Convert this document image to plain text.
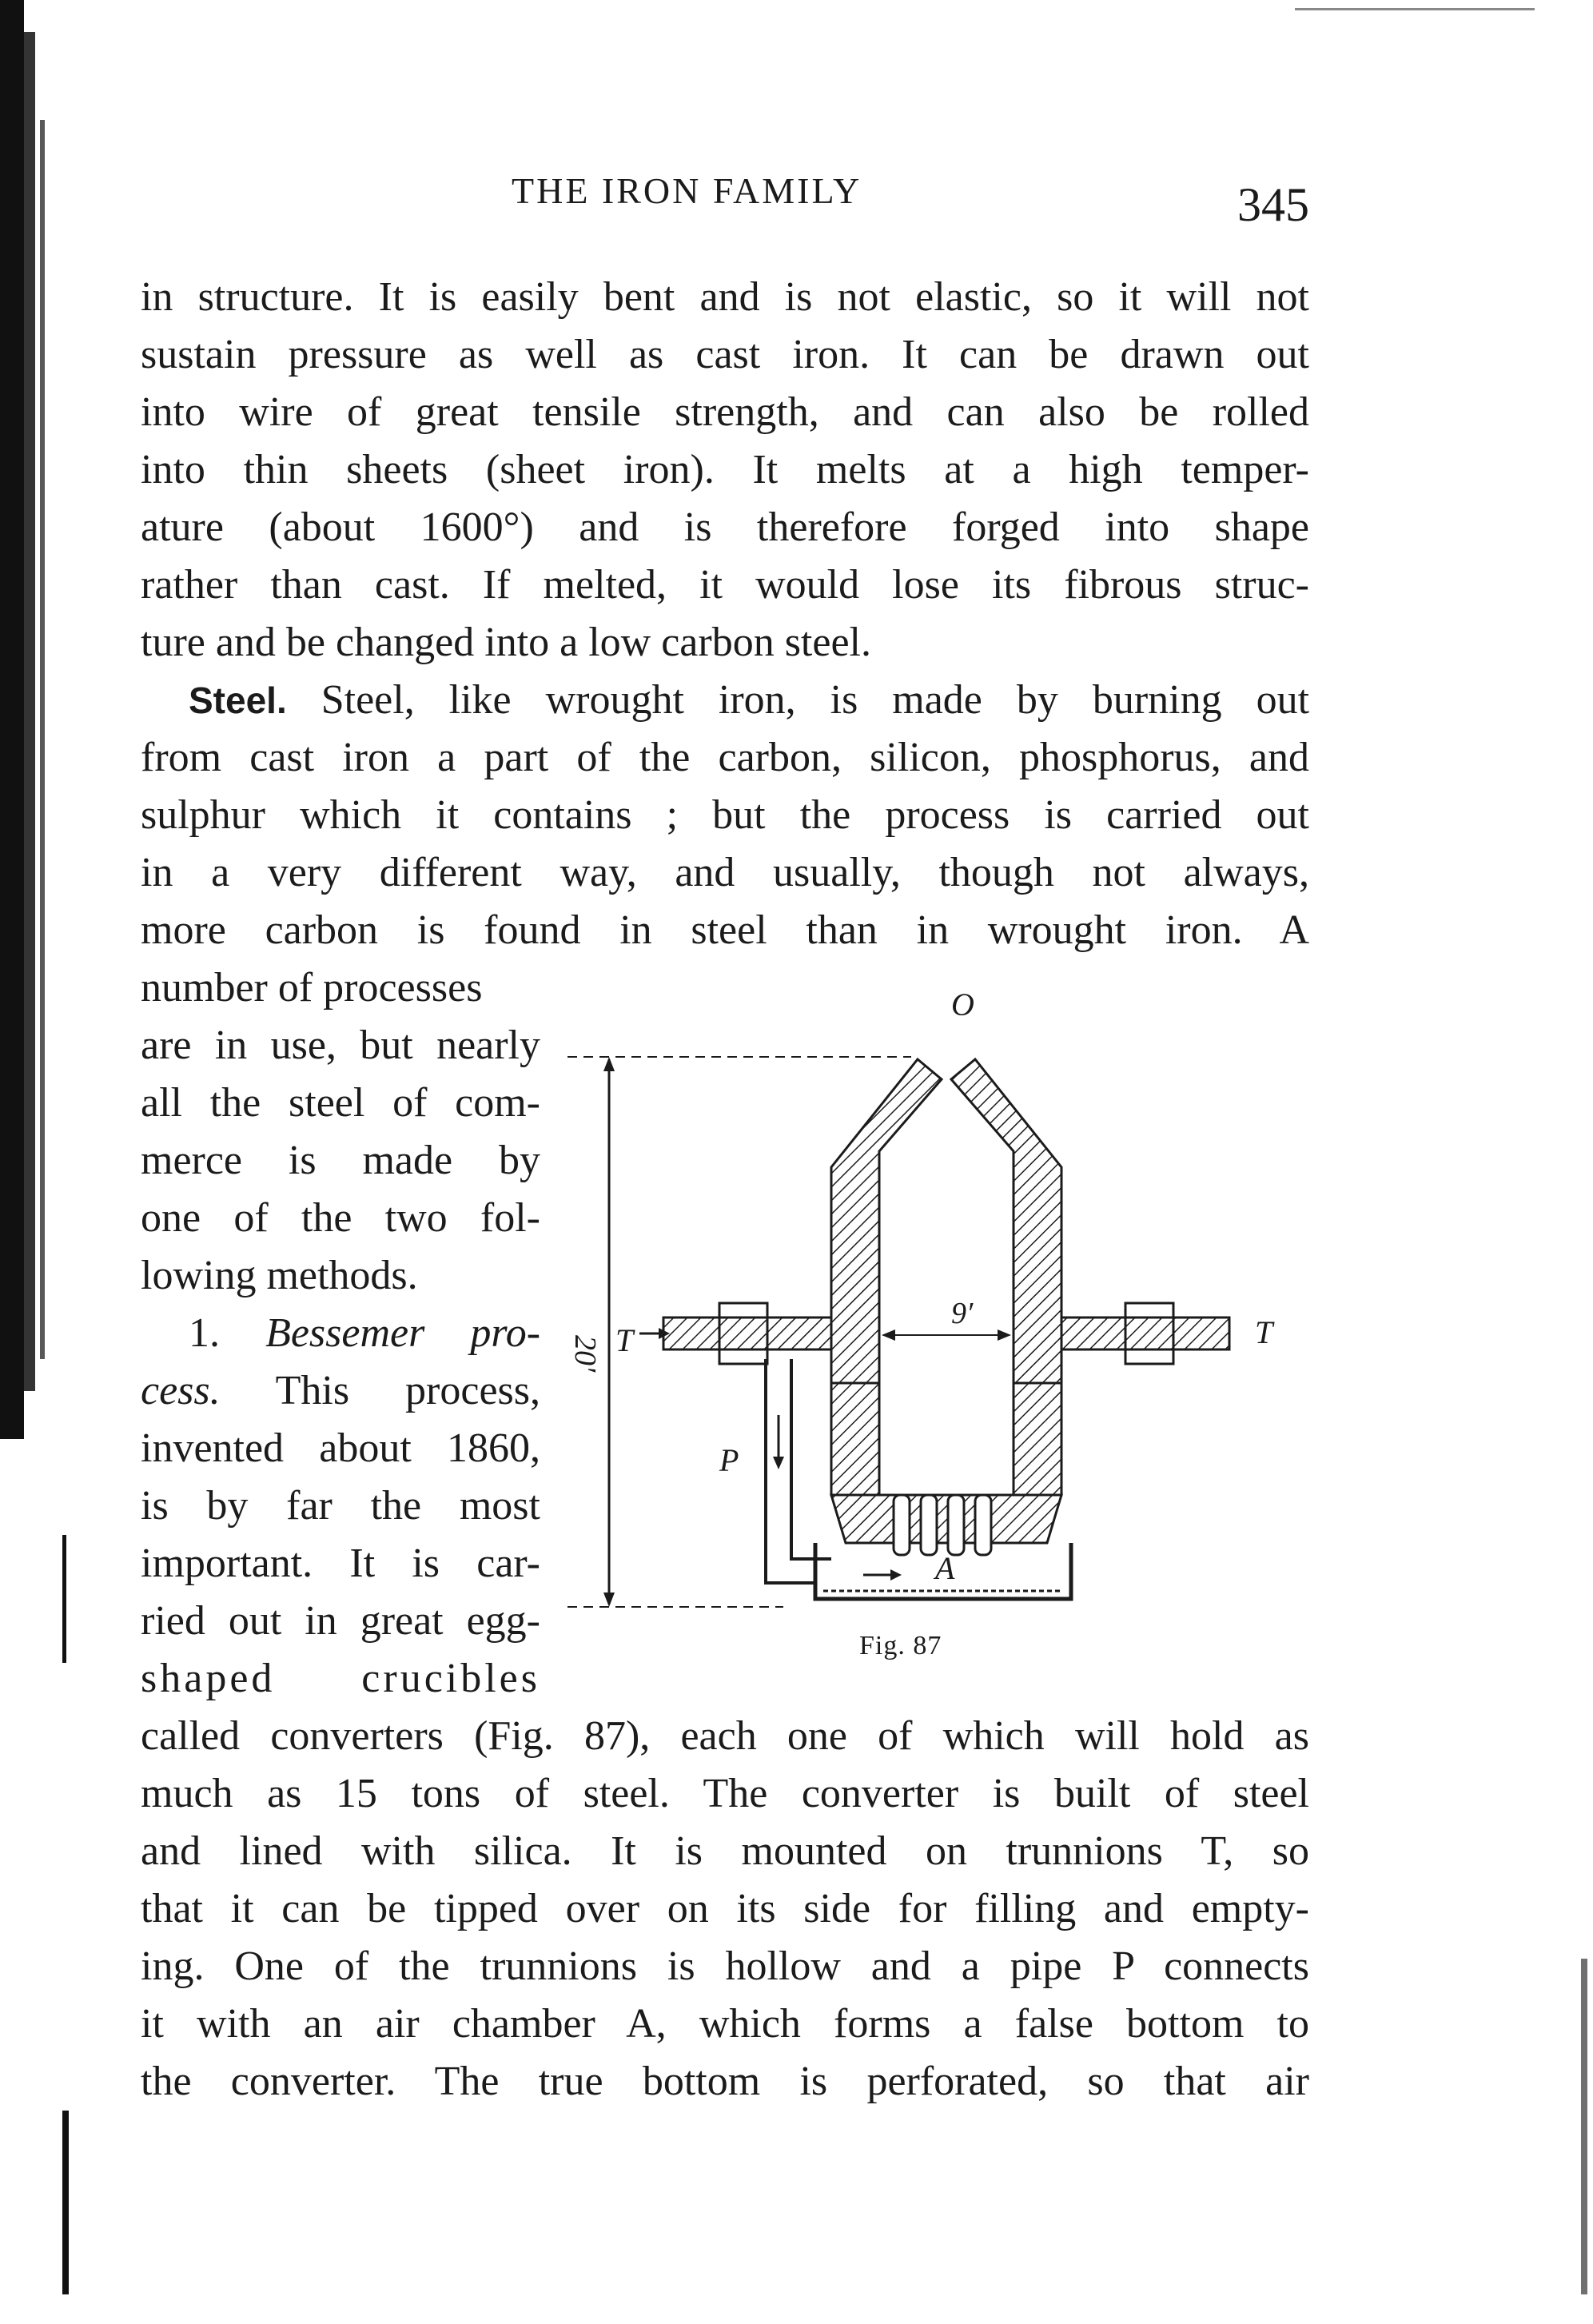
THE IRON FAMILY	345
in structure. It is easily bent and is not elastic, so it will not
sustain pressure as well as cast iron. It can be drawn out
into wire of great tensile strength, and can also be rolled
into thin sheets (sheet iron). It melts at a high temper-
ature (about 1600°) and is therefore forged into shape
rather than cast. If melted, it would lose its fibrous struc-
ture and be changed into a low carbon steel.
Steel. Steel, like wrought iron, is made by burning out
from cast iron a part of the carbon, silicon, phosphorus, and
sulphur which it contains ; but the process is carried out
in a very different way, and usually, though not always,
more carbon is found in steel than in wrought iron. A
number of processes
are in use, but nearly
all the steel of com-
merce is made by
one of the two fol-
lowing methods.
1. Bessemer pro-
cess. This process,
invented about 1860,
is by far the most
important. It is car-
ried out in great egg-
shaped crucibles
called converters (Fig. 87), each one of which will hold as
much as 15 tons of steel. The converter is built of steel
and lined with silica. It is mounted on trunnions T, so
that it can be tipped over on its side for filling and empty-
ing. One of the trunnions is hollow and a pipe P connects
it with an air chamber A, which forms a false bottom to
the converter. The true bottom is perforated, so that air
O
T	T
P
A
9′
20′
Fig. 87
